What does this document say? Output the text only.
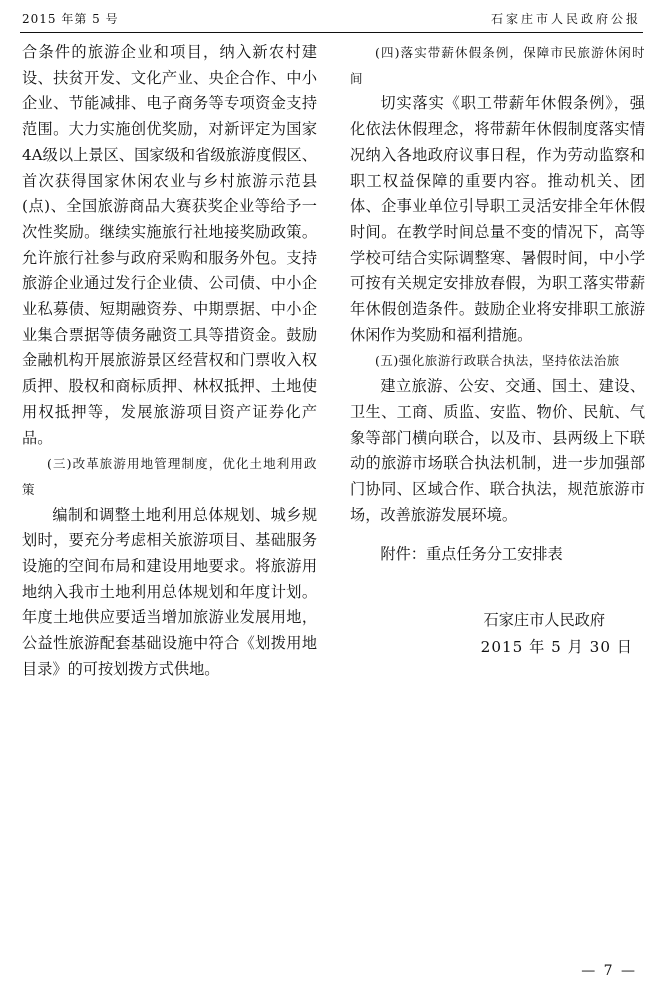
2015 年第 5 号	石家庄市人民政府公报

合条件的旅游企业和项目，纳入新农村建设、扶贫开发、文化产业、央企合作、中小企业、节能减排、电子商务等专项资金支持范围。大力实施创优奖励，对新评定为国家4A级以上景区、国家级和省级旅游度假区、首次获得国家休闲农业与乡村旅游示范县(点)、全国旅游商品大赛获奖企业等给予一次性奖励。继续实施旅行社地接奖励政策。允许旅行社参与政府采购和服务外包。支持旅游企业通过发行企业债、公司债、中小企业私募债、短期融资券、中期票据、中小企业集合票据等债务融资工具等措资金。鼓励金融机构开展旅游景区经营权和门票收入权质押、股权和商标质押、林权抵押、土地使用权抵押等，发展旅游项目资产证券化产品。

(三)改革旅游用地管理制度，优化土地利用政策

编制和调整土地利用总体规划、城乡规划时，要充分考虑相关旅游项目、基础服务设施的空间布局和建设用地要求。将旅游用地纳入我市土地利用总体规划和年度计划。年度土地供应要适当增加旅游业发展用地，公益性旅游配套基础设施中符合《划拨用地目录》的可按划拨方式供地。

(四)落实带薪休假条例，保障市民旅游休闲时间

切实落实《职工带薪年休假条例》，强化依法休假理念，将带薪年休假制度落实情况纳入各地政府议事日程，作为劳动监察和职工权益保障的重要内容。推动机关、团体、企事业单位引导职工灵活安排全年休假时间。在教学时间总量不变的情况下，高等学校可结合实际调整寒、暑假时间，中小学可按有关规定安排放春假，为职工落实带薪年休假创造条件。鼓励企业将安排职工旅游休闲作为奖励和福利措施。

(五)强化旅游行政联合执法，坚持依法治旅

建立旅游、公安、交通、国土、建设、卫生、工商、质监、安监、物价、民航、气象等部门横向联合，以及市、县两级上下联动的旅游市场联合执法机制，进一步加强部门协同、区域合作、联合执法，规范旅游市场，改善旅游发展环境。

附件：重点任务分工安排表

石家庄市人民政府
2015 年 5 月 30 日
— 7 —
